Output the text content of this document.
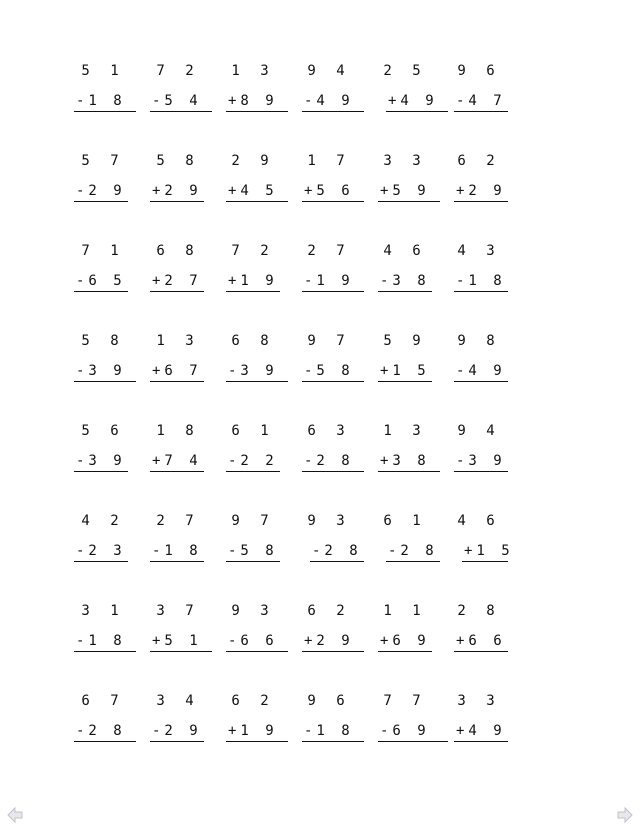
5 1
-1 8
7 2
-5 4
1 3
+8 9
9 4
-4 9
2 5
+4 9
9 6
-4 7
5 7
-2 9
5 8
+2 9
2 9
+4 5
1 7
+5 6
3 3
+5 9
6 2
+2 9
7 1
-6 5
6 8
+2 7
7 2
+1 9
2 7
-1 9
4 6
-3 8
4 3
-1 8
5 8
-3 9
1 3
+6 7
6 8
-3 9
9 7
-5 8
5 9
+1 5
9 8
-4 9
5 6
-3 9
1 8
+7 4
6 1
-2 2
6 3
-2 8
1 3
+3 8
9 4
-3 9
4 2
-2 3
2 7
-1 8
9 7
-5 8
9 3
-2 8
6 1
-2 8
4 6
+1 5
3 1
-1 8
3 7
+5 1
9 3
-6 6
6 2
+2 9
1 1
+6 9
2 8
+6 6
6 7
-2 8
3 4
-2 9
6 2
+1 9
9 6
-1 8
7 7
-6 9
3 3
+4 9
